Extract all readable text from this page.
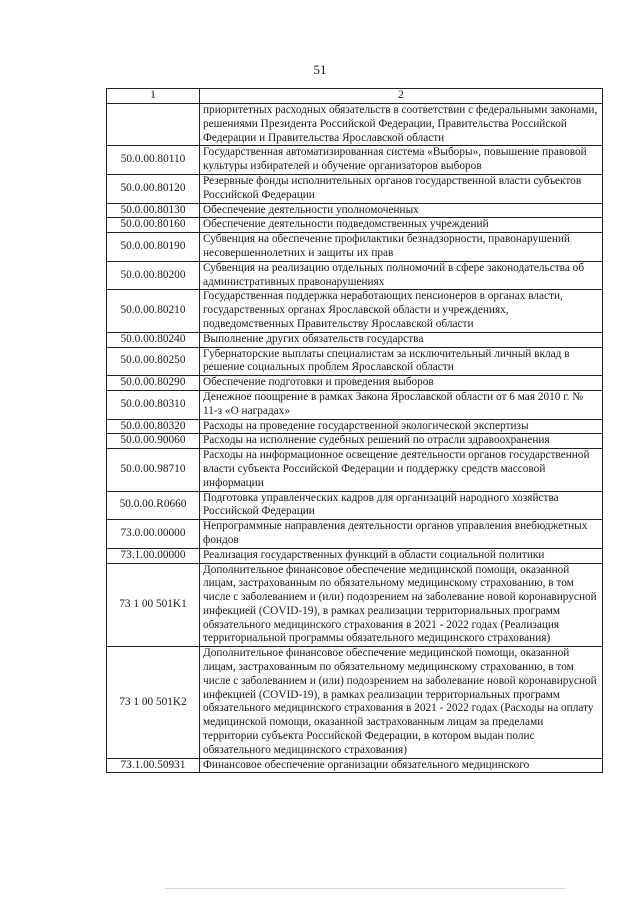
51
1	2
	приоритетных расходных обязательств в соответствии с федеральными законами, решениями Президента Российской Федерации, Правительства Российской Федерации и Правительства Ярославской области
50.0.00.80110	Государственная автоматизированная система «Выборы», повышение правовой культуры избирателей и обучение организаторов выборов
50.0.00.80120	Резервные фонды исполнительных органов государственной власти субъектов Российской Федерации
50.0.00.80130	Обеспечение деятельности уполномоченных
50.0.00.80160	Обеспечение деятельности подведомственных учреждений
50.0.00.80190	Субвенция на обеспечение профилактики безнадзорности, правонарушений несовершеннолетних и защиты их прав
50.0.00.80200	Субвенция на реализацию отдельных полномочий в сфере законодательства об административных правонарушениях
50.0.00.80210	Государственная поддержка неработающих пенсионеров в органах власти, государственных органах Ярославской области и учреждениях, подведомственных Правительству Ярославской области
50.0.00.80240	Выполнение других обязательств государства
50.0.00.80250	Губернаторские выплаты специалистам за исключительный личный вклад в решение социальных проблем Ярославской области
50.0.00.80290	Обеспечение подготовки и проведения выборов
50.0.00.80310	Денежное поощрение в рамках Закона Ярославской области от 6 мая 2010 г. № 11-з «О наградах»
50.0.00.80320	Расходы на проведение государственной экологической экспертизы
50.0.00.90060	Расходы на исполнение судебных решений по отрасли здравоохранения
50.0.00.98710	Расходы на информационное освещение деятельности органов государственной власти субъекта Российской Федерации и поддержку средств массовой информации
50.0.00.R0660	Подготовка управленческих кадров для организаций народного хозяйства Российской Федерации
73.0.00.00000	Непрограммные направления деятельности органов управления внебюджетных фондов
73.1.00.00000	Реализация государственных функций в области социальной политики
73 1 00 501K1	Дополнительное финансовое обеспечение медицинской помощи, оказанной лицам, застрахованным по обязательному медицинскому страхованию, в том числе с заболеванием и (или) подозрением на заболевание новой коронавирусной инфекцией (COVID-19), в рамках реализации территориальных программ обязательного медицинского страхования в 2021 - 2022 годах (Реализация территориальной программы обязательного медицинского страхования)
73 1 00 501K2	Дополнительное финансовое обеспечение медицинской помощи, оказанной лицам, застрахованным по обязательному медицинскому страхованию, в том числе с заболеванием и (или) подозрением на заболевание новой коронавирусной инфекцией (COVID-19), в рамках реализации территориальных программ обязательного медицинского страхования в 2021 - 2022 годах (Расходы на оплату медицинской помощи, оказанной застрахованным лицам за пределами территории субъекта Российской Федерации, в котором выдан полис обязательного медицинского страхования)
73.1.00.50931	Финансовое обеспечение организации обязательного медицинского
